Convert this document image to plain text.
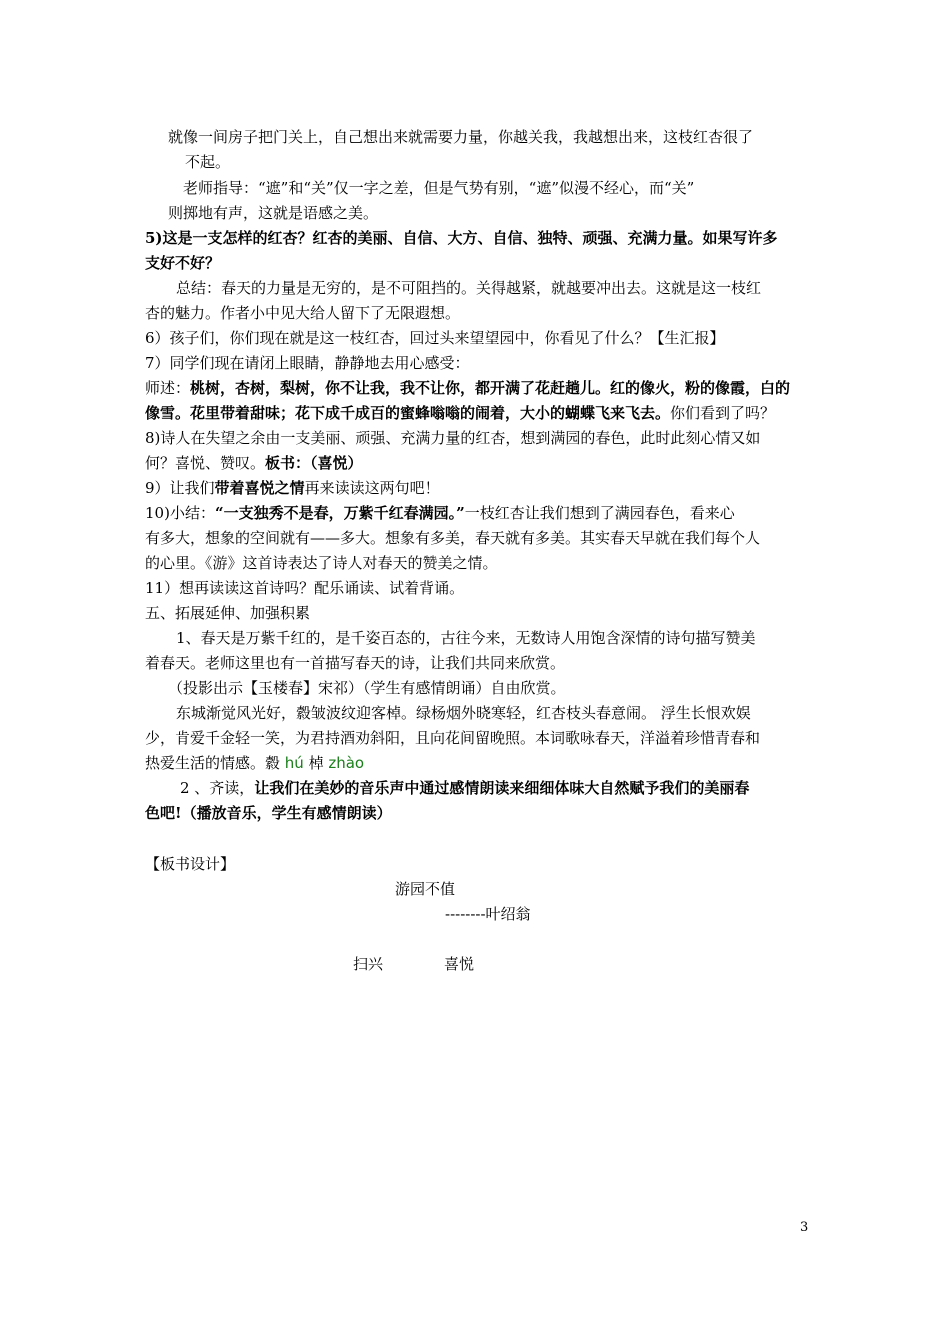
就像一间房子把门关上，自己想出来就需要力量，你越关我，我越想出来，这枝红杏很了
不起。
老师指导：“遮”和“关”仅一字之差，但是气势有别，“遮”似漫不经心，而“关”
则掷地有声，这就是语感之美。
5)这是一支怎样的红杏？红杏的美丽、自信、大方、自信、独特、顽强、充满力量。如果写许多
支好不好？
总结：春天的力量是无穷的，是不可阻挡的。关得越紧，就越要冲出去。这就是这一枝红
杏的魅力。作者小中见大给人留下了无限遐想。
6）孩子们，你们现在就是这一枝红杏，回过头来望望园中，你看见了什么？【生汇报】
7）同学们现在请闭上眼睛，静静地去用心感受：
师述：桃树，杏树，梨树，你不让我，我不让你，都开满了花赶趟儿。红的像火，粉的像霞，白的
像雪。花里带着甜味；花下成千成百的蜜蜂嗡嗡的闹着，大小的蝴蝶飞来飞去。你们看到了吗？
8)诗人在失望之余由一支美丽、顽强、充满力量的红杏，想到满园的春色，此时此刻心情又如
何？喜悦、赞叹。板书：（喜悦）
9）让我们带着喜悦之情再来读读这两句吧！
10)小结：“一支独秀不是春，万紫千红春满园。”一枝红杏让我们想到了满园春色，看来心
有多大，想象的空间就有——多大。想象有多美，春天就有多美。其实春天早就在我们每个人
的心里。《游》这首诗表达了诗人对春天的赞美之情。
11）想再读读这首诗吗？配乐诵读、试着背诵。
五、拓展延伸、加强积累
1、春天是万紫千红的，是千姿百态的，古往今来，无数诗人用饱含深情的诗句描写赞美
着春天。老师这里也有一首描写春天的诗，让我们共同来欣赏。
（投影出示【玉楼春】宋祁）（学生有感情朗诵）自由欣赏。
东城渐觉风光好，縠皱波纹迎客棹。绿杨烟外晓寒轻，红杏枝头春意闹。 浮生长恨欢娱
少，肯爱千金轻一笑，为君持酒劝斜阳，且向花间留晚照。本词歌咏春天，洋溢着珍惜青春和
热爱生活的情感。縠 hú 棹 zhào
2 、齐读，让我们在美妙的音乐声中通过感情朗读来细细体味大自然赋予我们的美丽春
色吧!（播放音乐，学生有感情朗读）
【板书设计】
游园不值
--------叶绍翁
扫兴	喜悦
3
